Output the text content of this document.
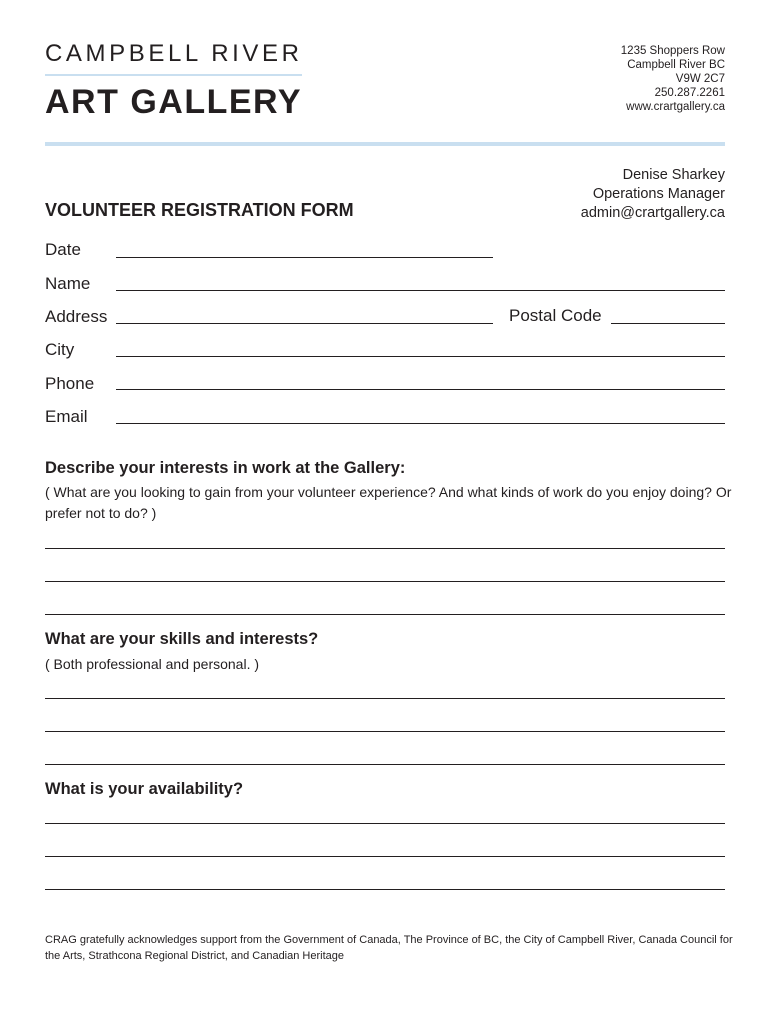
CAMPBELL RIVER
ART GALLERY
1235 Shoppers Row
Campbell River BC
V9W 2C7
250.287.2261
www.crartgallery.ca
Denise Sharkey
Operations Manager
admin@crartgallery.ca
VOLUNTEER REGISTRATION FORM
Date
Name
Address	Postal Code
City
Phone
Email
Describe your interests in work at the Gallery:
( What are you looking to gain from your volunteer experience? And what kinds of work do you enjoy doing? Or prefer not to do? )
What are your skills and interests?
( Both professional and personal. )
What is your availability?
CRAG gratefully acknowledges support from the Government of Canada, The Province of BC, the City of Campbell River, Canada Council for the Arts, Strathcona Regional District, and Canadian Heritage
